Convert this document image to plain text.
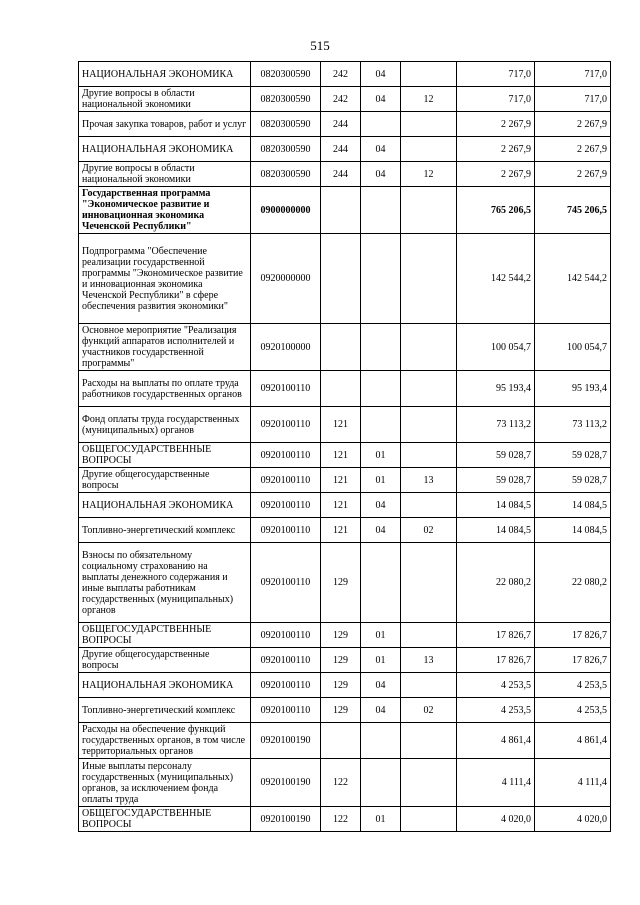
515
НАЦИОНАЛЬНАЯ ЭКОНОМИКА	0820300590	242	04		717,0	717,0
Другие вопросы в области национальной экономики	0820300590	242	04	12	717,0	717,0
Прочая закупка товаров, работ и услуг	0820300590	244			2 267,9	2 267,9
НАЦИОНАЛЬНАЯ ЭКОНОМИКА	0820300590	244	04		2 267,9	2 267,9
Другие вопросы в области национальной экономики	0820300590	244	04	12	2 267,9	2 267,9
Государственная программа "Экономическое развитие и инновационная экономика Чеченской Республики"	0900000000				765 206,5	745 206,5
Подпрограмма "Обеспечение реализации государственной программы "Экономическое развитие и инновационная экономика Чеченской Республики" в сфере обеспечения развития экономики"	0920000000				142 544,2	142 544,2
Основное мероприятие "Реализация функций аппаратов исполнителей и участников государственной программы"	0920100000				100 054,7	100 054,7
Расходы на выплаты по оплате труда работников государственных органов	0920100110				95 193,4	95 193,4
Фонд оплаты труда государственных (муниципальных) органов	0920100110	121			73 113,2	73 113,2
ОБЩЕГОСУДАРСТВЕННЫЕ ВОПРОСЫ	0920100110	121	01		59 028,7	59 028,7
Другие общегосударственные вопросы	0920100110	121	01	13	59 028,7	59 028,7
НАЦИОНАЛЬНАЯ ЭКОНОМИКА	0920100110	121	04		14 084,5	14 084,5
Топливно-энергетический комплекс	0920100110	121	04	02	14 084,5	14 084,5
Взносы по обязательному социальному страхованию на выплаты денежного содержания и иные выплаты работникам государственных (муниципальных) органов	0920100110	129			22 080,2	22 080,2
ОБЩЕГОСУДАРСТВЕННЫЕ ВОПРОСЫ	0920100110	129	01		17 826,7	17 826,7
Другие общегосударственные вопросы	0920100110	129	01	13	17 826,7	17 826,7
НАЦИОНАЛЬНАЯ ЭКОНОМИКА	0920100110	129	04		4 253,5	4 253,5
Топливно-энергетический комплекс	0920100110	129	04	02	4 253,5	4 253,5
Расходы на обеспечение функций государственных органов, в том числе территориальных органов	0920100190				4 861,4	4 861,4
Иные выплаты персоналу государственных (муниципальных) органов, за исключением фонда оплаты труда	0920100190	122			4 111,4	4 111,4
ОБЩЕГОСУДАРСТВЕННЫЕ ВОПРОСЫ	0920100190	122	01		4 020,0	4 020,0
